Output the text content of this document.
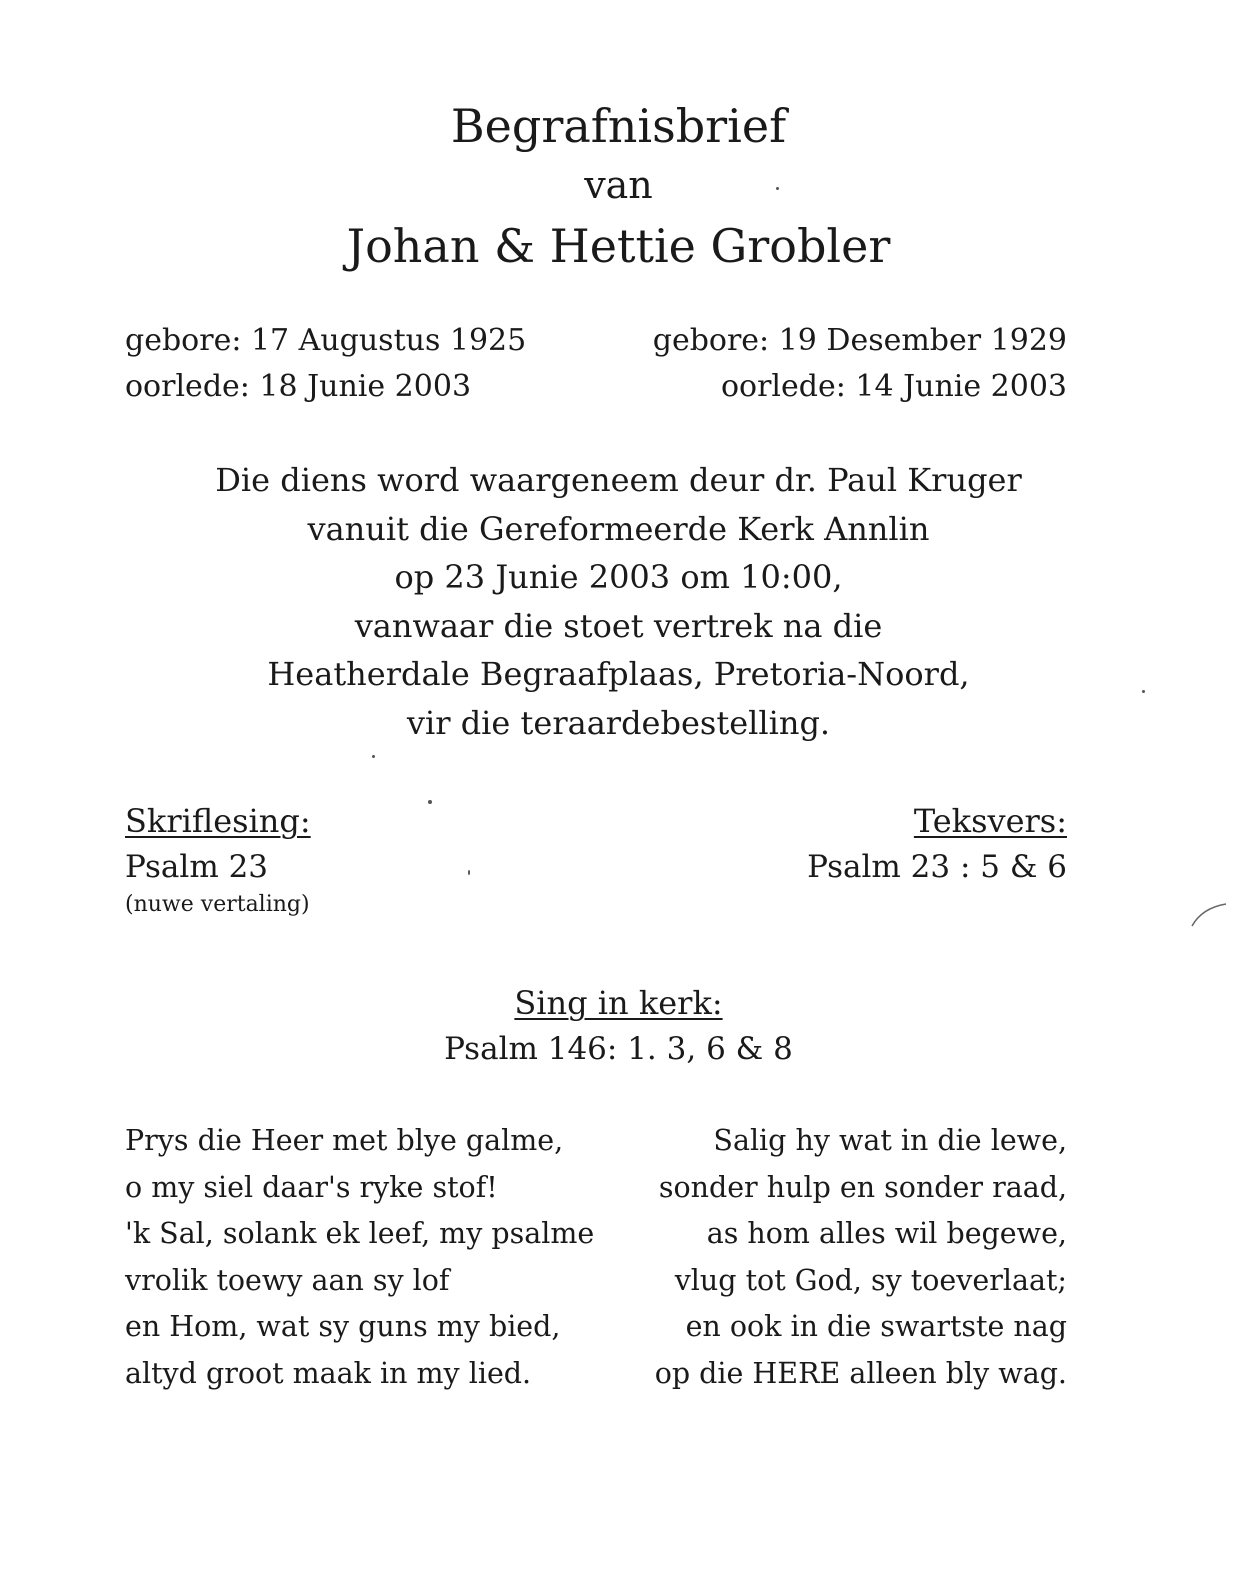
Begrafnisbrief
van
Johan & Hettie Grobler
gebore: 17 Augustus 1925
oorlede: 18 Junie 2003
gebore: 19 Desember 1929
oorlede: 14 Junie 2003
Die diens word waargeneem deur dr. Paul Kruger
vanuit die Gereformeerde Kerk Annlin
op 23 Junie 2003 om 10:00,
vanwaar die stoet vertrek na die
Heatherdale Begraafplaas, Pretoria-Noord,
vir die teraardebestelling.
Skriflesing:
Psalm 23
(nuwe vertaling)
Teksvers:
Psalm 23 : 5 & 6
Sing in kerk:
Psalm 146: 1. 3, 6 & 8
Prys die Heer met blye galme,
o my siel daar's ryke stof!
'k Sal, solank ek leef, my psalme
vrolik toewy aan sy lof
en Hom, wat sy guns my bied,
altyd groot maak in my lied.
Salig hy wat in die lewe,
sonder hulp en sonder raad,
as hom alles wil begewe,
vlug tot God, sy toeverlaat;
en ook in die swartste nag
op die HERE alleen bly wag.
